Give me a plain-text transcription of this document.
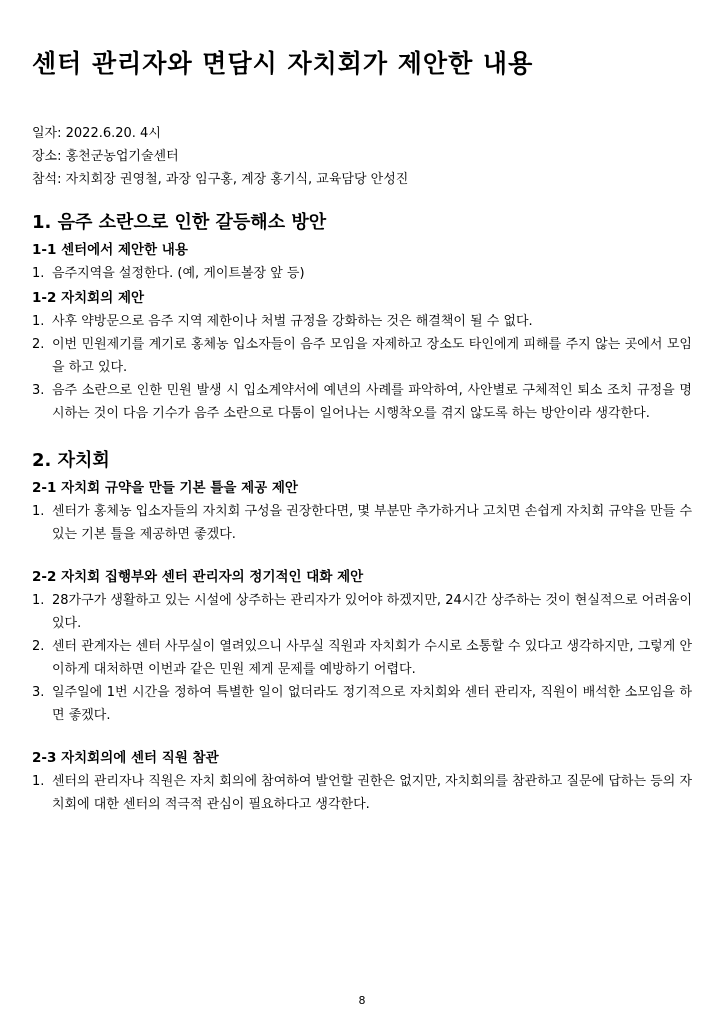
센터 관리자와 면담시 자치회가 제안한 내용
일자: 2022.6.20. 4시
장소: 홍천군농업기술센터
참석: 자치회장 권영철, 과장 임구홍, 계장 홍기식, 교육담당 안성진
1. 음주 소란으로 인한 갈등해소 방안
1-1 센터에서 제안한 내용
1. 음주지역을 설정한다. (예, 게이트볼장 앞 등)
1-2 자치회의 제안
1. 사후 약방문으로 음주 지역 제한이나 처벌 규정을 강화하는 것은 해결책이 될 수 없다.
2. 이번 민원제기를 계기로 홍체농 입소자들이 음주 모임을 자제하고 장소도 타인에게 피해를 주지 않는 곳에서 모임을 하고 있다.
3. 음주 소란으로 인한 민원 발생 시 입소계약서에 예년의 사례를 파악하여, 사안별로 구체적인 퇴소 조치 규정을 명시하는 것이 다음 기수가 음주 소란으로 다툼이 일어나는 시행착오를 겪지 않도록 하는 방안이라 생각한다.
2. 자치회
2-1 자치회 규약을 만들 기본 틀을 제공 제안
1. 센터가 홍체농 입소자들의 자치회 구성을 권장한다면, 몇 부분만 추가하거나 고치면 손쉽게 자치회 규약을 만들 수 있는 기본 틀을 제공하면 좋겠다.
2-2 자치회 집행부와 센터 관리자의 정기적인 대화 제안
1. 28가구가 생활하고 있는 시설에 상주하는 관리자가 있어야 하겠지만, 24시간 상주하는 것이 현실적으로 어려움이 있다.
2. 센터 관계자는 센터 사무실이 열려있으니 사무실 직원과 자치회가 수시로 소통할 수 있다고 생각하지만, 그렇게 안이하게 대처하면 이번과 같은 민원 제게 문제를 예방하기 어렵다.
3. 일주일에 1번 시간을 정하여 특별한 일이 없더라도 정기적으로 자치회와 센터 관리자, 직원이 배석한 소모임을 하면 좋겠다.
2-3 자치회의에 센터 직원 참관
1. 센터의 관리자나 직원은 자치 회의에 참여하여 발언할 권한은 없지만, 자치회의를 참관하고 질문에 답하는 등의 자치회에 대한 센터의 적극적 관심이 필요하다고 생각한다.
8
